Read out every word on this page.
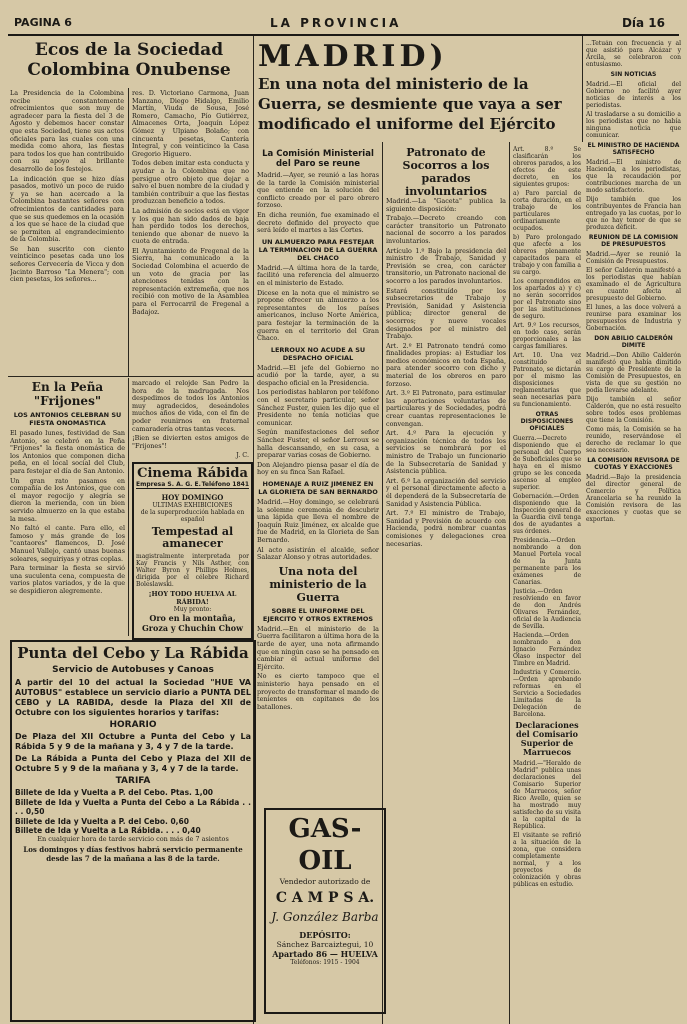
PAGINA 6	LA PROVINCIA	Día 16
Ecos de la Sociedad Colombina Onubense

La Presidencia de la Colombina recibe constantemente ofrecimientos que son muy de agradecer para la fiesta del 3 de Agosto y debemos hacer constar que esta Sociedad, tiene sus actos oficiales para las cuales con una medida como ahora, las fiestas para todos los que han contribuido con su apoyo al brillante desarrollo de los festejos.

La indicación que se hizo días pasados, motivó un poco de ruido y ya se han acercado a la Colombina bastantes señores con ofrecimientos de cantidades para que se sus quedemos en la ocasión a los que se hace de la ciudad que se permiten al engrandecimiento de la Colombia.

Se han suscrito con ciento veinticinco pesetas cada uno los señores Cervecería de Vicca y don Jacinto Barroso "La Menera"; con cien pesetas, los señores...

res. D. Victoriano Carmona, Juan Manzano, Diego Hidalgo, Emilio Martín, Viuda de Sousa, José Romero, Camacho, Pío Gutiérrez, Almacenes Orta, Joaquín López Gómez y Ulpiano Bolaño; con cincuenta pesetas, Cantería Integral, y con veinticinco la Casa Gregorio Higuero.

Todos deben imitar esta conducta y ayudar a la Colombina que no persigue otro objeto que dejar a salvo el buen nombre de la ciudad y también contribuir a que las fiestas produzcan beneficio a todos.

La admisión de socios está en vigor y los que han sido dados de baja han perdido todos los derechos, teniendo que abonar de nuevo la cuota de entrada.

El Ayuntamiento de Fregenal de la Sierra, ha comunicado a la Sociedad Colombina el acuerdo de un voto de gracia por las atenciones tenidas con la representación extremeña, que nos recibió con motivo de la Asamblea para el Ferrocarril de Fregenal a Badajoz.

En la Peña "Frijones"
LOS ANTONIOS CELEBRAN SU FIESTA ONOMASTICA

El pasado lunes, festividad de San Antonio, se celebró en la Peña "Frijones" la fiesta onomástica de los Antonios que componen dicha peña, en el local social del Club, para festejar el día de San Antonio.

Un gran rato pasamos en compañía de los Antonios, que con el mayor regocijo y alegría se dieron la merienda, con un bien servido almuerzo en la que estaba la mesa.

No faltó el cante. Para ello, el famoso y más grande de los "cantaores" flamencos, D. José Manuel Vallejo, cantó unas buenas soleares, seguiriyas y otras coplas.

Para terminar la fiesta se sirvió una suculenta cena, compuesta de varios platos variados, y de la que se despidieron alegremente.

marcado el relojde San Pedro la hora de la madrugada. Nos despedimos de todos los Antonios muy agradecidos, deseándoles muchos años de vida, con el fin de poder reunirnos en fraternal camaradería otras tantas veces.

¡Bien se divierten estos amigos de "Frijones"!

J. C.

Cinema Rábida
Empresa S. A. G. E. Teléfono 1841
HOY DOMINGO
ULTIMAS EXHIBICIONES
de la superproducción hablada en español
Tempestad al amanecer
magistralmente interpretada por Kay Francis y Nils Asther, con Walter Byron y Phillips Holmes, dirigida por el célebre Richard Boleslawski.
¡HOY TODO HUELVA AL RÁBIDA!
Muy pronto:
Oro en la montaña, Groza y Chuchin Chow
Punta del Cebo y La Rábida
Servicio de Autobuses y Canoas

A partir del 10 del actual la Sociedad "HUE VA AUTOBUS" establece un servicio diario a PUNTA DEL CEBO y LA RABIDA, desde la Plaza del XII de Octubre con los siguientes horarios y tarifas:

HORARIO

De Plaza del XII Octubre a Punta del Cebo y La Rábida 5 y 9 de la mañana y 3, 4 y 7 de la tarde.

De La Rábida a Punta del Cebo y Plaza del XII de Octubre 5 y 9 de la mañana y 3, 4 y 7 de la tarde.

TARIFA

Billete de Ida y Vuelta a P. del Cebo. Ptas. 1,00

Billete de Ida y Vuelta a Punta del Cebo a La Rábida . . . . 0,50

Billete de Ida y Vuelta a P. del Cebo. 0,60

Billete de Ida y Vuelta a La Rábida. . . . 0,40

En cualquier hora de tarde servicio con más de 7 asientos

Los domingos y días festivos habrá servicio permanente desde las 7 de la mañana a las 8 de la tarde.

MADRID)
En una nota del ministerio de la Guerra, se desmiente que vaya a ser modificado el uniforme del Ejército
La Comisión Ministerial del Paro se reune

Madrid.—Ayer, se reunió a las horas de la tarde la Comisión ministerial que entiende en la solución del conflicto creado por el paro obrero forzoso.

En dicha reunión, fue examinado el decreto definido del proyecto que será leído el martes a las Cortes.

UN ALMUERZO PARA FESTEJAR LA TERMINACION DE LA GUERRA DEL CHACO

Madrid.—A última hora de la tarde, facilitó una referencia del almuerzo en el ministerio de Estado.

Dicese en la nota que el ministro se propone ofrecer un almuerzo a los representantes de los países americanos, incluso Norte América, para festejar la terminación de la guerra en el territorio del Gran Chaco.

LERROUX NO ACUDE A SU DESPACHO OFICIAL

Madrid.—El jefe del Gobierno no acudió por la tarde, ayer, a su despacho oficial en la Presidencia.

Los periodistas hablaron por teléfono con el secretario particular, señor Sánchez Fuster, quien les dijo que el Presidente no tenía noticias que comunicar.

Según manifestaciones del señor Sánchez Fuster, el señor Lerroux se halla descansando, en su casa, a preparar varias cosas de Gobierno.

Don Alejandro piensa pasar el día de hoy en su finca San Rafael.

HOMENAJE A RUIZ JIMENEZ EN LA GLORIETA DE SAN BERNARDO

Madrid.—Hoy domingo, se celebrará la solemne ceremonia de descubrir una lápida que lleva el nombre de Joaquín Ruiz Jiménez, ex alcalde que fue de Madrid, en la Glorieta de San Bernardo.

Al acto asistirán el alcalde, señor Salazar Alonso y otras autoridades.

Una nota del ministerio de la Guerra
SOBRE EL UNIFORME DEL EJERCITO Y OTROS EXTREMOS

Madrid.—En el ministerio de la Guerra facilitaron a última hora de la tarde de ayer, una nota afirmando que en ningún caso se ha pensado en cambiar el actual uniforme del Ejército.

No es cierto tampoco que el ministerio haya pensado en el proyecto de transformar el mando de tenientes en capitanes de los batallones.

Patronato de Socorros a los parados involuntarios

Madrid.—La "Gaceta" publica la siguiente disposición:

Trabajo.—Decreto creando con carácter transitorio un Patronato nacional de socorro a los parados involuntarios.

Artículo 1.º Bajo la presidencia del ministro de Trabajo, Sanidad y Previsión se crea, con carácter transitorio, un Patronato nacional de socorro a los parados involuntarios.

Estará constituído por los subsecretarios de Trabajo y Previsión, Sanidad y Asistencia pública; director general de socorros; y nueve vocales designados por el ministro del Trabajo.

Art. 2.º El Patronato tendrá como finalidades propias: a) Estudiar los medios económicos en toda España, para atender socorro con dicho y material de los obreros en paro forzoso.

Art. 3.º El Patronato, para estimular las aportaciones voluntarias de particulares y de Sociedades, podrá crear cuantas representaciones le convengan.

Art. 4.º Para la ejecución y organización técnica de todos los servicios se nombrará por el ministro de Trabajo un funcionario de la Subsecretaría de Sanidad y Asistencia pública.

Art. 6.º La organización del servicio y el personal directamente afecto a él dependerá de la Subsecretaría de Sanidad y Asistencia Pública.

Art. 7.º El ministro de Trabajo, Sanidad y Previsión de acuerdo con Hacienda, podrá nombrar cuantas comisiones y delegaciones crea necesarias.

GAS-OIL
Vendedor autorizado de
C A M P S A.
J. González Barba
DEPÓSITO:
Sánchez Barcaiztegui, 10
Apartado 86 — HUELVA
Teléfonos: 1915 - 1904

Art. 8.º Se clasificarán los obreros parados, a los efectos de este decreto, en los siguientes grupos:

a) Paro parcial de corta duración, en el trabajo de los particulares ordinariamente ocupados.

b) Paro prolongado que afecte a los obreros plenamente capacitados para el trabajo y con familia a su cargo.

Los comprendidos en los apartados a) y c) no serán socorridos por el Patronato sino por las instituciones de seguro.

Art. 9.º Los recursos, en todo caso, serán proporcionales a las cargas familiares.

Art. 10. Una vez constituido el Patronato, se dictarán por el mismo las disposiciones reglamentarias que sean necesarias para su funcionamiento.

OTRAS DISPOSICIONES OFICIALES

Guerra.—Decreto disponiendo que el personal del Cuerpo de Suboficiales que se haya en el mismo grupo se les conceda ascenso al empleo superior.

Gobernación.—Orden disponiendo que la Inspección general de la Guardia civil tenga dos de ayudantes a sus órdenes.

Presidencia.—Orden nombrando a don Manuel Portela vocal de la Junta permanente para los exámenes de Canarias.

Justicia.—Orden resolviendo en favor de don Andrés Olivares Fernández, oficial de la Audiencia de Sevilla.

Hacienda.—Orden nombrando a don Ignacio Fernández Olaso inspector del Timbre en Madrid.

Industria y Comercio.—Orden aprobando reformas en el Servicio a Sociedades Limitadas de la Delegación de Barcelona.

Declaraciones del Comisario Superior de Marruecos

Madrid.—"Heraldo de Madrid" publica unas declaraciones del Comisario Superior de Marruecos, señor Rico Avello, quien se ha mostrado muy satisfecho de su visita a la capital de la República.

El visitante se refirió a la situación de la zona, que considera completamente normal, y a los proyectos de colonización y obras públicas en estudio.

...Tetuán con frecuencia y al que asistió para Alcázar y Arcila, se celebraron con entusiasmo.

SIN NOTICIAS

Madrid.—El oficial del Gobierno no facilitó ayer noticias de interés a los periodistas.

Al trasladarse a su domicilio a los periodistas que no había ninguna noticia que comunicar.

EL MINISTRO DE HACIENDA SATISFECHO

Madrid.—El ministro de Hacienda, a los periodistas, que la recaudación por contribuciones marcha de un modo satisfactorio.

Dijo también que los contribuyentes de Francia han entregado ya las cuotas, por lo que no hay temor de que se produzca déficit.

REUNION DE LA COMISION DE PRESUPUESTOS

Madrid.—Ayer se reunió la Comisión de Presupuestos.

El señor Calderón manifestó a los periodistas que habían examinado el de Agricultura en cuanto afecta al presupuesto del Gobierno.

El lunes, a las doce volverá a reunirse para examinar los presupuestos de Industria y Gobernación.

DON ABILIO CALDERÓN DIMITE

Madrid.—Don Abilio Calderón manifestó que había dimitido su cargo de Presidente de la Comisión de Presupuestos, en vista de que su gestión no podía llevarse adelante.

Dijo también el señor Calderón, que no está resuelto sobre todos esos problemas que tiene la Comisión.

Como más, la Comisión se ha reunido, reservándose el derecho de reclamar lo que sea necesario.

LA COMISION REVISORA DE CUOTAS Y EXACCIONES

Madrid.—Bajo la presidencia del director general de Comercio y Política Arancelaria se ha reunido la Comisión revisora de las exacciones y cuotas que se exportan.
